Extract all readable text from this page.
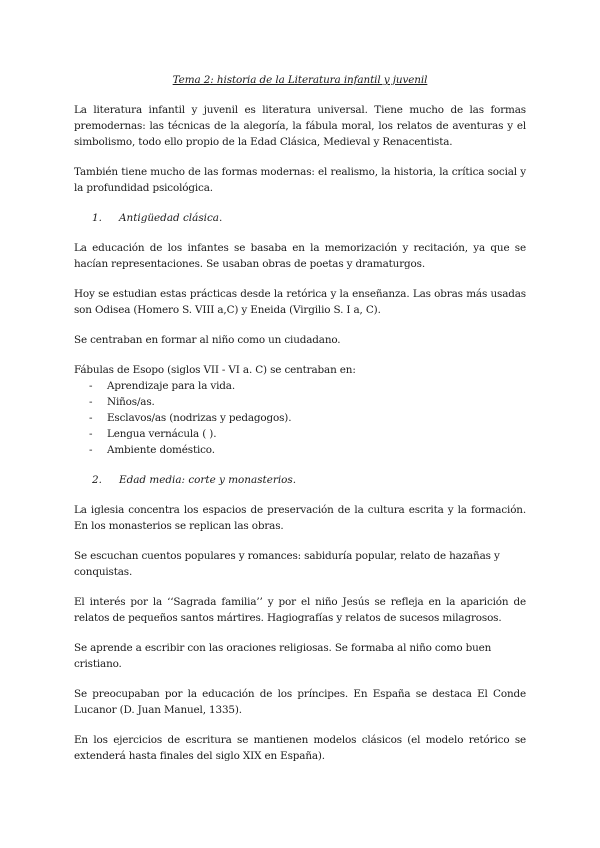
Tema 2: historia de la Literatura infantil y juvenil

La literatura infantil y juvenil es literatura universal. Tiene mucho de las formas premodernas: las técnicas de la alegoría, la fábula moral, los relatos de aventuras y el simbolismo, todo ello propio de la Edad Clásica, Medieval y Renacentista.

También tiene mucho de las formas modernas: el realismo, la historia, la crítica social y la profundidad psicológica.

1.	Antigüedad clásica.

La educación de los infantes se basaba en la memorización y recitación, ya que se hacían representaciones. Se usaban obras de poetas y dramaturgos.

Hoy se estudian estas prácticas desde la retórica y la enseñanza. Las obras más usadas son Odisea (Homero S. VIII a,C) y Eneida (Virgilio S. I a, C).

Se centraban en formar al niño como un ciudadano.

Fábulas de Esopo (siglos VII - VI a. C) se centraban en:

-	Aprendizaje para la vida.
-	Niños/as.
-	Esclavos/as (nodrizas y pedagogos).
-	Lengua vernácula ( ).
-	Ambiente doméstico.
2.	Edad media: corte y monasterios.

La iglesia concentra los espacios de preservación de la cultura escrita y la formación. En los monasterios se replican las obras.

Se escuchan cuentos populares y romances: sabiduría popular, relato de hazañas y conquistas.

El interés por la ‘‘Sagrada familia’’ y por el niño Jesús se refleja en la aparición de relatos de pequeños santos mártires. Hagiografías y relatos de sucesos milagrosos.

Se aprende a escribir con las oraciones religiosas. Se formaba al niño como buen cristiano.

Se preocupaban por la educación de los príncipes. En España se destaca El Conde Lucanor (D. Juan Manuel, 1335).

En los ejercicios de escritura se mantienen modelos clásicos (el modelo retórico se extenderá hasta finales del siglo XIX en España).
